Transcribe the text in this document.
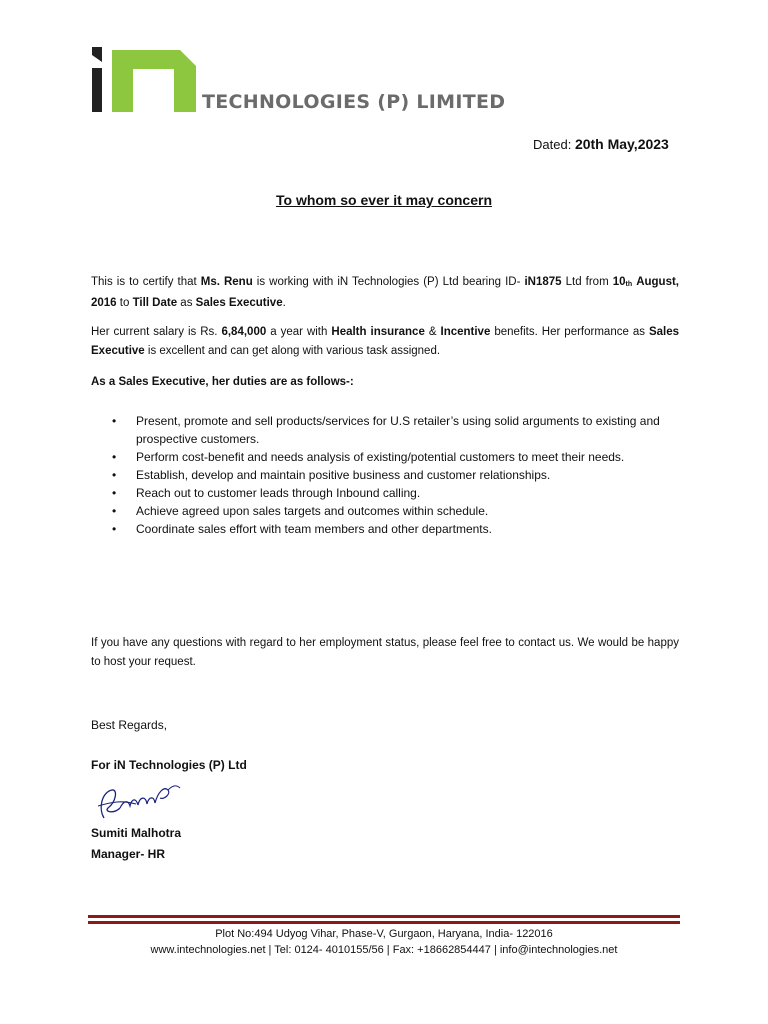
TECHNOLOGIES (P) LIMITED
Dated: 20th May,2023
To whom so ever it may concern
This is to certify that Ms. Renu is working with iN Technologies (P) Ltd bearing ID- iN1875 Ltd from 10th August, 2016 to Till Date as Sales Executive.
Her current salary is Rs. 6,84,000 a year with Health insurance & Incentive benefits. Her performance as Sales Executive is excellent and can get along with various task assigned.
As a Sales Executive, her duties are as follows-:
• Present, promote and sell products/services for U.S retailer’s using solid arguments to existing and prospective customers.
• Perform cost-benefit and needs analysis of existing/potential customers to meet their needs.
• Establish, develop and maintain positive business and customer relationships.
• Reach out to customer leads through Inbound calling.
• Achieve agreed upon sales targets and outcomes within schedule.
• Coordinate sales effort with team members and other departments.
If you have any questions with regard to her employment status, please feel free to contact us. We would be happy to host your request.
Best Regards,
For iN Technologies (P) Ltd
Sumiti Malhotra
Manager- HR
Plot No:494 Udyog Vihar, Phase-V, Gurgaon, Haryana, India- 122016
www.intechnologies.net | Tel: 0124- 4010155/56 | Fax: +18662854447 | info@intechnologies.net
